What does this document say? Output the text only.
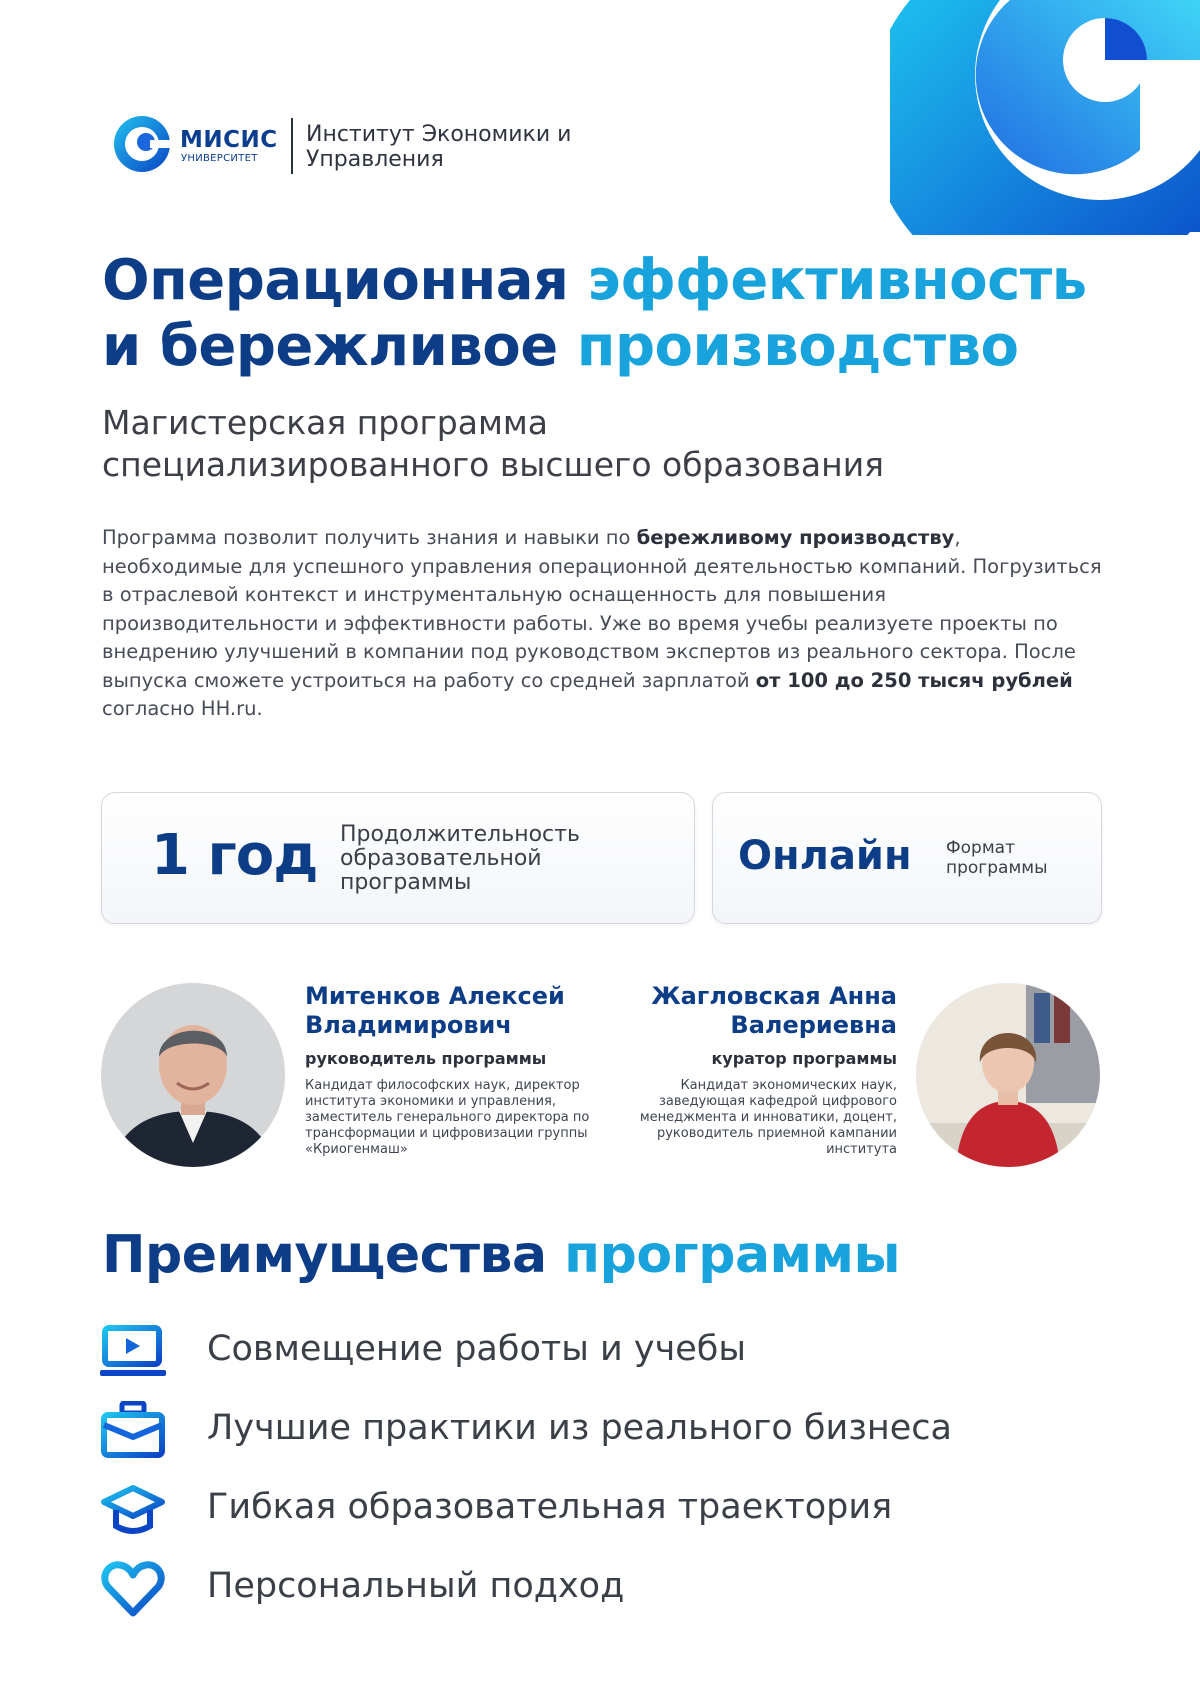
МИСИС
УНИВЕРСИТЕТ
Институт Экономики и Управления
Операционная эффективность
и бережливое производство
Магистерская программа
специализированного высшего образования
Программа позволит получить знания и навыки по бережливому производству, необходимые для успешного управления операционной деятельностью компаний. Погрузиться в отраслевой контекст и инструментальную оснащенность для повышения производительности и эффективности работы. Уже во время учебы реализуете проекты по внедрению улучшений в компании под руководством экспертов из реального сектора. После выпуска сможете устроиться на работу со средней зарплатой от 100 до 250 тысяч рублей согласно HH.ru.
1 год Продолжительность образовательной программы
Онлайн Формат
программы
Митенков Алексей
Владимирович
руководитель программы
Кандидат философских наук, директор института экономики и управления, заместитель генерального директора по трансформации и цифровизации группы «Криогенмаш»
Жагловская Анна
Валериевна
куратор программы
Кандидат экономических наук, заведующая кафедрой цифрового менеджмента и инноватики, доцент, руководитель приемной кампании института
Преимущества программы
Совмещение работы и учебы
Лучшие практики из реального бизнеса
Гибкая образовательная траектория
Персональный подход
